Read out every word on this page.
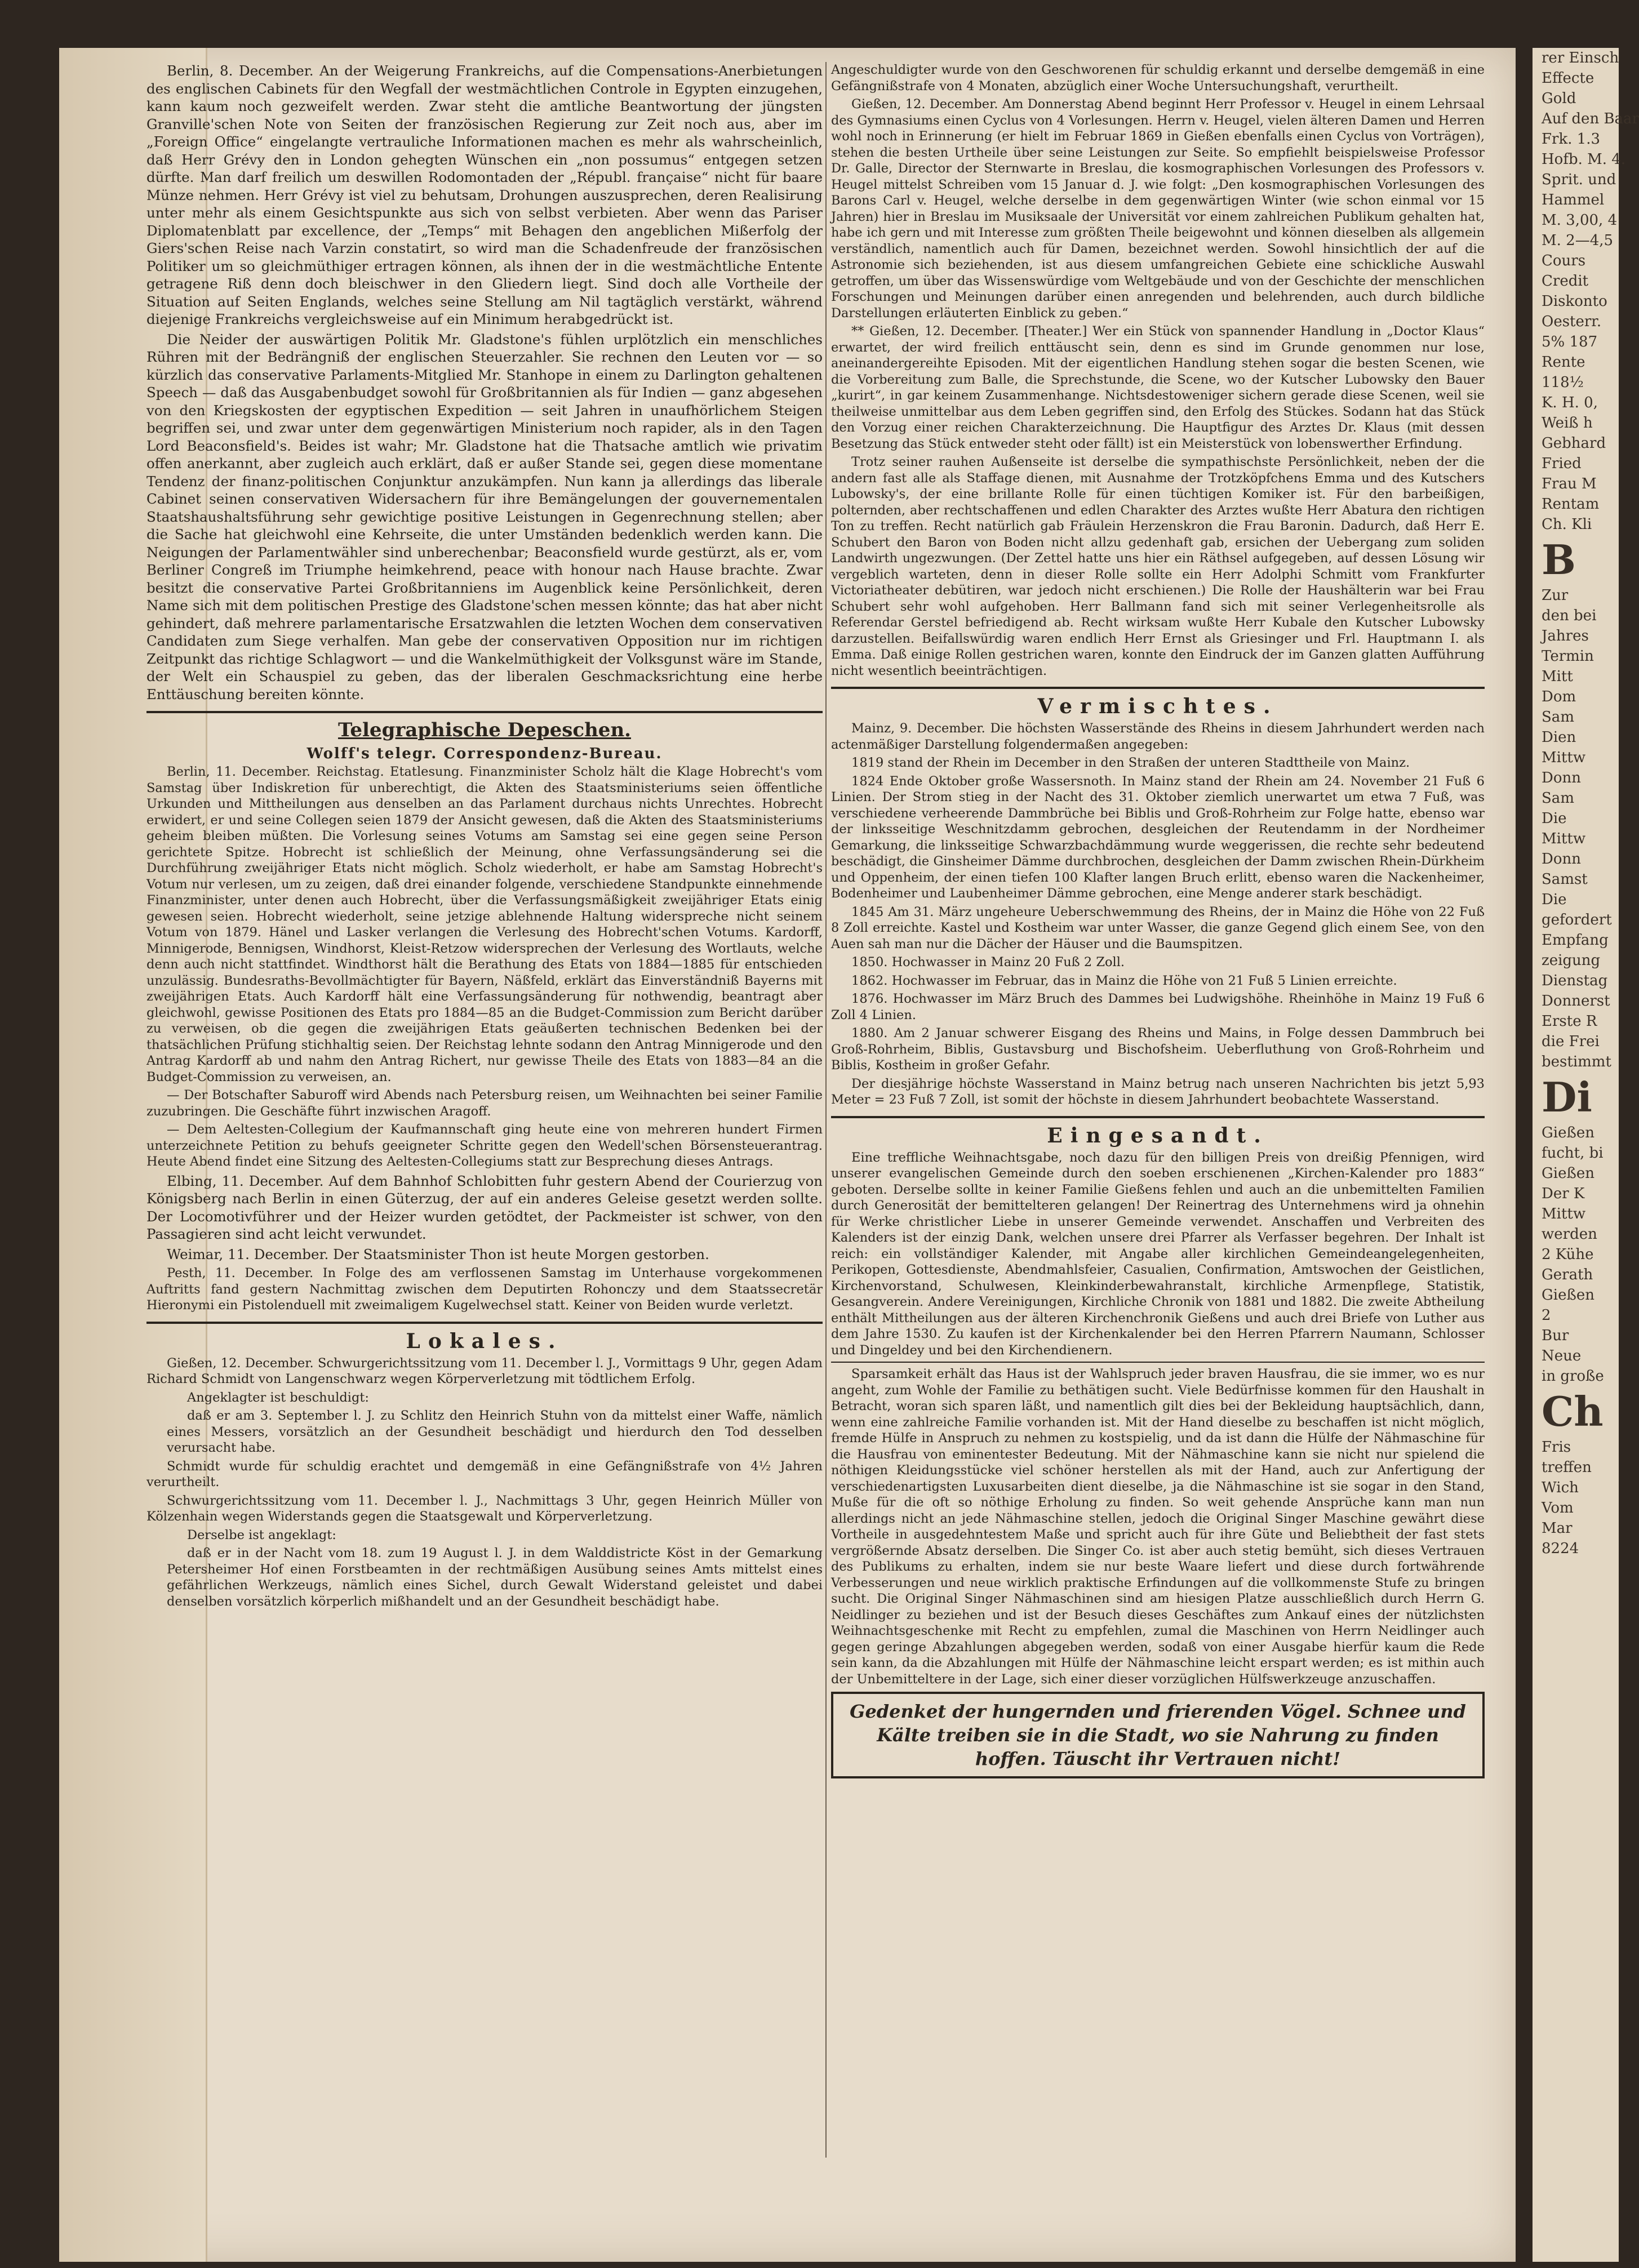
rer Einsch
Effecte
Gold
Auf den Baar
Frk. 1.3
Hofb. M. 4.
Sprit. und
Hammel
M. 3,00, 4
M. 2—4,5
Cours
Credit
Diskonto
Oesterr.
5% 187
Rente
118½
K. H. 0,
Weiß h
Gebhard
Fried
Frau M
Rentam
Ch. Kli
B
Zur
den bei
Jahres
Termin
Mitt
Dom
Sam
Dien
Mittw
Donn
Sam
Die
Mittw
Donn
Samst
Die
gefordert
Empfang
zeigung
Dienstag
Donnerst
Erste R
die Frei
bestimmt
Di
Gießen
fucht, bi
Gießen
Der K
Mittw
werden
2 Kühe
Gerath
Gießen
2
Bur
Neue
in große
Ch
Fris
treffen
Wich
Vom
Mar
8224

Berlin, 8. December. An der Weigerung Frankreichs, auf die Compensations-Anerbietungen des englischen Cabinets für den Wegfall der westmächtlichen Controle in Egypten einzugehen, kann kaum noch gezweifelt werden. Zwar steht die amtliche Beantwortung der jüngsten Granville'schen Note von Seiten der französischen Regierung zur Zeit noch aus, aber im „Foreign Office“ eingelangte vertrauliche Informationen machen es mehr als wahrscheinlich, daß Herr Grévy den in London gehegten Wünschen ein „non possumus“ entgegen setzen dürfte. Man darf freilich um deswillen Rodomontaden der „Républ. française“ nicht für baare Münze nehmen. Herr Grévy ist viel zu behutsam, Drohungen auszusprechen, deren Realisirung unter mehr als einem Gesichtspunkte aus sich von selbst verbieten. Aber wenn das Pariser Diplomatenblatt par excellence, der „Temps“ mit Behagen den angeblichen Mißerfolg der Giers'schen Reise nach Varzin constatirt, so wird man die Schadenfreude der französischen Politiker um so gleichmüthiger ertragen können, als ihnen der in die westmächtliche Entente getragene Riß denn doch bleischwer in den Gliedern liegt. Sind doch alle Vortheile der Situation auf Seiten Englands, welches seine Stellung am Nil tagtäglich verstärkt, während diejenige Frankreichs vergleichsweise auf ein Minimum herabgedrückt ist.

Die Neider der auswärtigen Politik Mr. Gladstone's fühlen urplötzlich ein menschliches Rühren mit der Bedrängniß der englischen Steuerzahler. Sie rechnen den Leuten vor — so kürzlich das conservative Parlaments-Mitglied Mr. Stanhope in einem zu Darlington gehaltenen Speech — daß das Ausgabenbudget sowohl für Großbritannien als für Indien — ganz abgesehen von den Kriegskosten der egyptischen Expedition — seit Jahren in unaufhörlichem Steigen begriffen sei, und zwar unter dem gegenwärtigen Ministerium noch rapider, als in den Tagen Lord Beaconsfield's. Beides ist wahr; Mr. Gladstone hat die Thatsache amtlich wie privatim offen anerkannt, aber zugleich auch erklärt, daß er außer Stande sei, gegen diese momentane Tendenz der finanz-politischen Conjunktur anzukämpfen. Nun kann ja allerdings das liberale Cabinet seinen conservativen Widersachern für ihre Bemängelungen der gouvernementalen Staatshaushaltsführung sehr gewichtige positive Leistungen in Gegenrechnung stellen; aber die Sache hat gleichwohl eine Kehrseite, die unter Umständen bedenklich werden kann. Die Neigungen der Parlamentwähler sind unberechenbar; Beaconsfield wurde gestürzt, als er, vom Berliner Congreß im Triumphe heimkehrend, peace with honour nach Hause brachte. Zwar besitzt die conservative Partei Großbritanniens im Augenblick keine Persönlichkeit, deren Name sich mit dem politischen Prestige des Gladstone'schen messen könnte; das hat aber nicht gehindert, daß mehrere parlamentarische Ersatzwahlen die letzten Wochen dem conservativen Candidaten zum Siege verhalfen. Man gebe der conservativen Opposition nur im richtigen Zeitpunkt das richtige Schlagwort — und die Wankelmüthigkeit der Volksgunst wäre im Stande, der Welt ein Schauspiel zu geben, das der liberalen Geschmacksrichtung eine herbe Enttäuschung bereiten könnte.

Telegraphische Depeschen.
Wolff's telegr. Correspondenz-Bureau.

Berlin, 11. December. Reichstag. Etatlesung. Finanzminister Scholz hält die Klage Hobrecht's vom Samstag über Indiskretion für unberechtigt, die Akten des Staatsministeriums seien öffentliche Urkunden und Mittheilungen aus denselben an das Parlament durchaus nichts Unrechtes. Hobrecht erwidert, er und seine Collegen seien 1879 der Ansicht gewesen, daß die Akten des Staatsministeriums geheim bleiben müßten. Die Vorlesung seines Votums am Samstag sei eine gegen seine Person gerichtete Spitze. Hobrecht ist schließlich der Meinung, ohne Verfassungsänderung sei die Durchführung zweijähriger Etats nicht möglich. Scholz wiederholt, er habe am Samstag Hobrecht's Votum nur verlesen, um zu zeigen, daß drei einander folgende, verschiedene Standpunkte einnehmende Finanzminister, unter denen auch Hobrecht, über die Verfassungsmäßigkeit zweijähriger Etats einig gewesen seien. Hobrecht wiederholt, seine jetzige ablehnende Haltung widerspreche nicht seinem Votum von 1879. Hänel und Lasker verlangen die Verlesung des Hobrecht'schen Votums. Kardorff, Minnigerode, Bennigsen, Windhorst, Kleist-Retzow widersprechen der Verlesung des Wortlauts, welche denn auch nicht stattfindet. Windthorst hält die Berathung des Etats von 1884—1885 für entschieden unzulässig. Bundesraths-Bevollmächtigter für Bayern, Näßfeld, erklärt das Einverständniß Bayerns mit zweijährigen Etats. Auch Kardorff hält eine Verfassungsänderung für nothwendig, beantragt aber gleichwohl, gewisse Positionen des Etats pro 1884—85 an die Budget-Commission zum Bericht darüber zu verweisen, ob die gegen die zweijährigen Etats geäußerten technischen Bedenken bei der thatsächlichen Prüfung stichhaltig seien. Der Reichstag lehnte sodann den Antrag Minnigerode und den Antrag Kardorff ab und nahm den Antrag Richert, nur gewisse Theile des Etats von 1883—84 an die Budget-Commission zu verweisen, an.

— Der Botschafter Saburoff wird Abends nach Petersburg reisen, um Weihnachten bei seiner Familie zuzubringen. Die Geschäfte führt inzwischen Aragoff.

— Dem Aeltesten-Collegium der Kaufmannschaft ging heute eine von mehreren hundert Firmen unterzeichnete Petition zu behufs geeigneter Schritte gegen den Wedell'schen Börsensteuerantrag. Heute Abend findet eine Sitzung des Aeltesten-Collegiums statt zur Besprechung dieses Antrags.

Elbing, 11. December. Auf dem Bahnhof Schlobitten fuhr gestern Abend der Courierzug von Königsberg nach Berlin in einen Güterzug, der auf ein anderes Geleise gesetzt werden sollte. Der Locomotivführer und der Heizer wurden getödtet, der Packmeister ist schwer, von den Passagieren sind acht leicht verwundet.

Weimar, 11. December. Der Staatsminister Thon ist heute Morgen gestorben.

Pesth, 11. December. In Folge des am verflossenen Samstag im Unterhause vorgekommenen Auftritts fand gestern Nachmittag zwischen dem Deputirten Rohonczy und dem Staatssecretär Hieronymi ein Pistolenduell mit zweimaligem Kugelwechsel statt. Keiner von Beiden wurde verletzt.

Lokales.

Gießen, 12. December. Schwurgerichtssitzung vom 11. December l. J., Vormittags 9 Uhr, gegen Adam Richard Schmidt von Langenschwarz wegen Körperverletzung mit tödtlichem Erfolg.

Angeklagter ist beschuldigt:

daß er am 3. September l. J. zu Schlitz den Heinrich Stuhn von da mittelst einer Waffe, nämlich eines Messers, vorsätzlich an der Gesundheit beschädigt und hierdurch den Tod desselben verursacht habe.

Schmidt wurde für schuldig erachtet und demgemäß in eine Gefängnißstrafe von 4½ Jahren verurtheilt.

Schwurgerichtssitzung vom 11. December l. J., Nachmittags 3 Uhr, gegen Heinrich Müller von Kölzenhain wegen Widerstands gegen die Staatsgewalt und Körperverletzung.

Derselbe ist angeklagt:

daß er in der Nacht vom 18. zum 19 August l. J. in dem Walddistricte Köst in der Gemarkung Petersheimer Hof einen Forstbeamten in der rechtmäßigen Ausübung seines Amts mittelst eines gefährlichen Werkzeugs, nämlich eines Sichel, durch Gewalt Widerstand geleistet und dabei denselben vorsätzlich körperlich mißhandelt und an der Gesundheit beschädigt habe.

Angeschuldigter wurde von den Geschworenen für schuldig erkannt und derselbe demgemäß in eine Gefängnißstrafe von 4 Monaten, abzüglich einer Woche Untersuchungshaft, verurtheilt.

Gießen, 12. December. Am Donnerstag Abend beginnt Herr Professor v. Heugel in einem Lehrsaal des Gymnasiums einen Cyclus von 4 Vorlesungen. Herrn v. Heugel, vielen älteren Damen und Herren wohl noch in Erinnerung (er hielt im Februar 1869 in Gießen ebenfalls einen Cyclus von Vorträgen), stehen die besten Urtheile über seine Leistungen zur Seite. So empfiehlt beispielsweise Professor Dr. Galle, Director der Sternwarte in Breslau, die kosmographischen Vorlesungen des Professors v. Heugel mittelst Schreiben vom 15 Januar d. J. wie folgt: „Den kosmographischen Vorlesungen des Barons Carl v. Heugel, welche derselbe in dem gegenwärtigen Winter (wie schon einmal vor 15 Jahren) hier in Breslau im Musiksaale der Universität vor einem zahlreichen Publikum gehalten hat, habe ich gern und mit Interesse zum größten Theile beigewohnt und können dieselben als allgemein verständlich, namentlich auch für Damen, bezeichnet werden. Sowohl hinsichtlich der auf die Astronomie sich beziehenden, ist aus diesem umfangreichen Gebiete eine schickliche Auswahl getroffen, um über das Wissenswürdige vom Weltgebäude und von der Geschichte der menschlichen Forschungen und Meinungen darüber einen anregenden und belehrenden, auch durch bildliche Darstellungen erläuterten Einblick zu geben.“

** Gießen, 12. December. [Theater.] Wer ein Stück von spannender Handlung in „Doctor Klaus“ erwartet, der wird freilich enttäuscht sein, denn es sind im Grunde genommen nur lose, aneinandergereihte Episoden. Mit der eigentlichen Handlung stehen sogar die besten Scenen, wie die Vorbereitung zum Balle, die Sprechstunde, die Scene, wo der Kutscher Lubowsky den Bauer „kurirt“, in gar keinem Zusammenhange. Nichtsdestoweniger sichern gerade diese Scenen, weil sie theilweise unmittelbar aus dem Leben gegriffen sind, den Erfolg des Stückes. Sodann hat das Stück den Vorzug einer reichen Charakterzeichnung. Die Hauptfigur des Arztes Dr. Klaus (mit dessen Besetzung das Stück entweder steht oder fällt) ist ein Meisterstück von lobenswerther Erfindung.

Trotz seiner rauhen Außenseite ist derselbe die sympathischste Persönlichkeit, neben der die andern fast alle als Staffage dienen, mit Ausnahme der Trotzköpfchens Emma und des Kutschers Lubowsky's, der eine brillante Rolle für einen tüchtigen Komiker ist. Für den barbeißigen, polternden, aber rechtschaffenen und edlen Charakter des Arztes wußte Herr Abatura den richtigen Ton zu treffen. Recht natürlich gab Fräulein Herzenskron die Frau Baronin. Dadurch, daß Herr E. Schubert den Baron von Boden nicht allzu gedenhaft gab, ersichen der Uebergang zum soliden Landwirth ungezwungen. (Der Zettel hatte uns hier ein Räthsel aufgegeben, auf dessen Lösung wir vergeblich warteten, denn in dieser Rolle sollte ein Herr Adolphi Schmitt vom Frankfurter Victoriatheater debütiren, war jedoch nicht erschienen.) Die Rolle der Haushälterin war bei Frau Schubert sehr wohl aufgehoben. Herr Ballmann fand sich mit seiner Verlegenheitsrolle als Referendar Gerstel befriedigend ab. Recht wirksam wußte Herr Kubale den Kutscher Lubowsky darzustellen. Beifallswürdig waren endlich Herr Ernst als Griesinger und Frl. Hauptmann I. als Emma. Daß einige Rollen gestrichen waren, konnte den Eindruck der im Ganzen glatten Aufführung nicht wesentlich beeinträchtigen.

Vermischtes.

Mainz, 9. December. Die höchsten Wasserstände des Rheins in diesem Jahrhundert werden nach actenmäßiger Darstellung folgendermaßen angegeben:

1819 stand der Rhein im December in den Straßen der unteren Stadttheile von Mainz.

1824 Ende Oktober große Wassersnoth. In Mainz stand der Rhein am 24. November 21 Fuß 6 Linien. Der Strom stieg in der Nacht des 31. Oktober ziemlich unerwartet um etwa 7 Fuß, was verschiedene verheerende Dammbrüche bei Biblis und Groß-Rohrheim zur Folge hatte, ebenso war der linksseitige Weschnitzdamm gebrochen, desgleichen der Reutendamm in der Nordheimer Gemarkung, die linksseitige Schwarzbachdämmung wurde weggerissen, die rechte sehr bedeutend beschädigt, die Ginsheimer Dämme durchbrochen, desgleichen der Damm zwischen Rhein-Dürkheim und Oppenheim, der einen tiefen 100 Klafter langen Bruch erlitt, ebenso waren die Nackenheimer, Bodenheimer und Laubenheimer Dämme gebrochen, eine Menge anderer stark beschädigt.

1845 Am 31. März ungeheure Ueberschwemmung des Rheins, der in Mainz die Höhe von 22 Fuß 8 Zoll erreichte. Kastel und Kostheim war unter Wasser, die ganze Gegend glich einem See, von den Auen sah man nur die Dächer der Häuser und die Baumspitzen.

1850. Hochwasser in Mainz 20 Fuß 2 Zoll.

1862. Hochwasser im Februar, das in Mainz die Höhe von 21 Fuß 5 Linien erreichte.

1876. Hochwasser im März Bruch des Dammes bei Ludwigshöhe. Rheinhöhe in Mainz 19 Fuß 6 Zoll 4 Linien.

1880. Am 2 Januar schwerer Eisgang des Rheins und Mains, in Folge dessen Dammbruch bei Groß-Rohrheim, Biblis, Gustavsburg und Bischofsheim. Ueberfluthung von Groß-Rohrheim und Biblis, Kostheim in großer Gefahr.

Der diesjährige höchste Wasserstand in Mainz betrug nach unseren Nachrichten bis jetzt 5,93 Meter = 23 Fuß 7 Zoll, ist somit der höchste in diesem Jahrhundert beobachtete Wasserstand.

Eingesandt.

Eine treffliche Weihnachtsgabe, noch dazu für den billigen Preis von dreißig Pfennigen, wird unserer evangelischen Gemeinde durch den soeben erschienenen „Kirchen-Kalender pro 1883“ geboten. Derselbe sollte in keiner Familie Gießens fehlen und auch an die unbemittelten Familien durch Generosität der bemittelteren gelangen! Der Reinertrag des Unternehmens wird ja ohnehin für Werke christlicher Liebe in unserer Gemeinde verwendet. Anschaffen und Verbreiten des Kalenders ist der einzig Dank, welchen unsere drei Pfarrer als Verfasser begehren. Der Inhalt ist reich: ein vollständiger Kalender, mit Angabe aller kirchlichen Gemeindeangelegenheiten, Perikopen, Gottesdienste, Abendmahlsfeier, Casualien, Confirmation, Amtswochen der Geistlichen, Kirchenvorstand, Schulwesen, Kleinkinderbewahranstalt, kirchliche Armenpflege, Statistik, Gesangverein. Andere Vereinigungen, Kirchliche Chronik von 1881 und 1882. Die zweite Abtheilung enthält Mittheilungen aus der älteren Kirchenchronik Gießens und auch drei Briefe von Luther aus dem Jahre 1530. Zu kaufen ist der Kirchenkalender bei den Herren Pfarrern Naumann, Schlosser und Dingeldey und bei den Kirchendienern.

Sparsamkeit erhält das Haus ist der Wahlspruch jeder braven Hausfrau, die sie immer, wo es nur angeht, zum Wohle der Familie zu bethätigen sucht. Viele Bedürfnisse kommen für den Haushalt in Betracht, woran sich sparen läßt, und namentlich gilt dies bei der Bekleidung hauptsächlich, dann, wenn eine zahlreiche Familie vorhanden ist. Mit der Hand dieselbe zu beschaffen ist nicht möglich, fremde Hülfe in Anspruch zu nehmen zu kostspielig, und da ist dann die Hülfe der Nähmaschine für die Hausfrau von eminentester Bedeutung. Mit der Nähmaschine kann sie nicht nur spielend die nöthigen Kleidungsstücke viel schöner herstellen als mit der Hand, auch zur Anfertigung der verschiedenartigsten Luxusarbeiten dient dieselbe, ja die Nähmaschine ist sie sogar in den Stand, Muße für die oft so nöthige Erholung zu finden. So weit gehende Ansprüche kann man nun allerdings nicht an jede Nähmaschine stellen, jedoch die Original Singer Maschine gewährt diese Vortheile in ausgedehntestem Maße und spricht auch für ihre Güte und Beliebtheit der fast stets vergrößernde Absatz derselben. Die Singer Co. ist aber auch stetig bemüht, sich dieses Vertrauen des Publikums zu erhalten, indem sie nur beste Waare liefert und diese durch fortwährende Verbesserungen und neue wirklich praktische Erfindungen auf die vollkommenste Stufe zu bringen sucht. Die Original Singer Nähmaschinen sind am hiesigen Platze ausschließlich durch Herrn G. Neidlinger zu beziehen und ist der Besuch dieses Geschäftes zum Ankauf eines der nützlichsten Weihnachtsgeschenke mit Recht zu empfehlen, zumal die Maschinen von Herrn Neidlinger auch gegen geringe Abzahlungen abgegeben werden, sodaß von einer Ausgabe hierfür kaum die Rede sein kann, da die Abzahlungen mit Hülfe der Nähmaschine leicht erspart werden; es ist mithin auch der Unbemitteltere in der Lage, sich einer dieser vorzüglichen Hülfswerkzeuge anzuschaffen.

Gedenket der hungernden und frierenden Vögel. Schnee und Kälte treiben sie in die Stadt, wo sie Nahrung zu finden hoffen. Täuscht ihr Vertrauen nicht!
